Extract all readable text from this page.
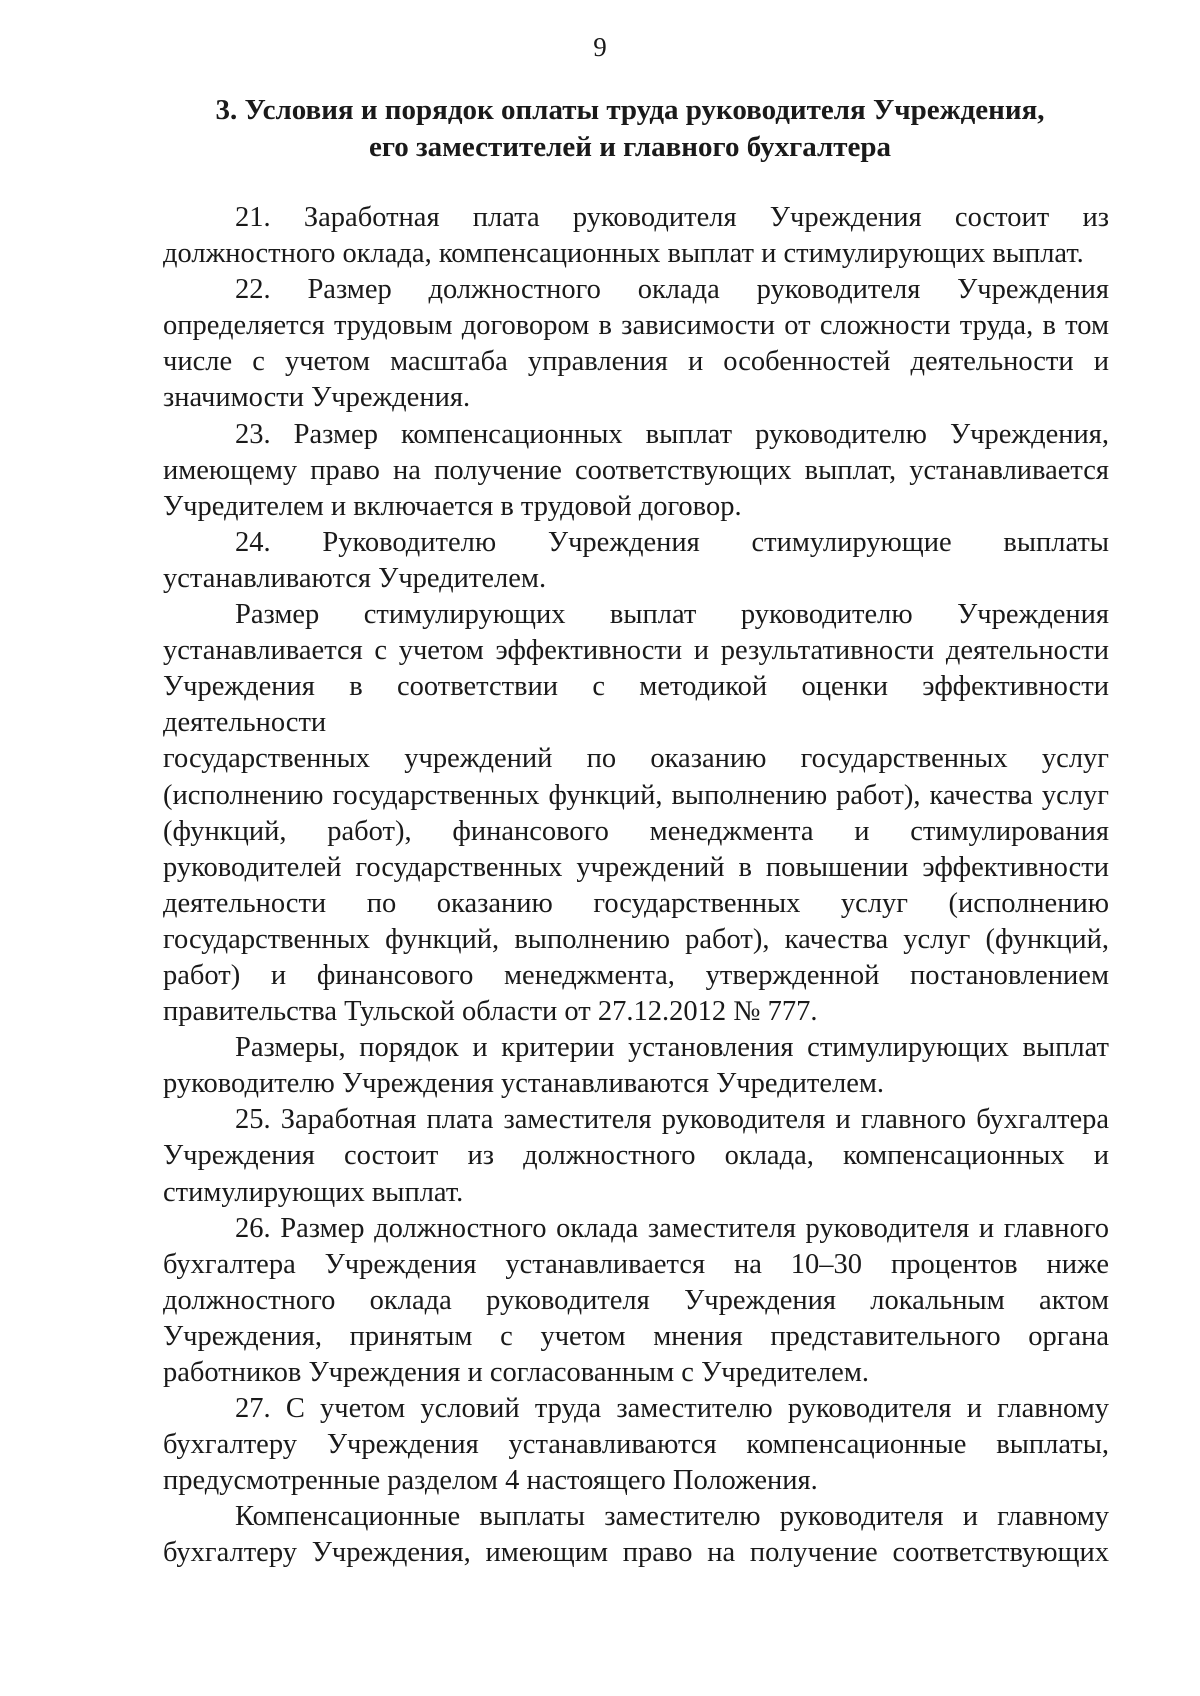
9
3. Условия и порядок оплаты труда руководителя Учреждения,
его заместителей и главного бухгалтера
21. Заработная плата руководителя Учреждения состоит из
должностного оклада, компенсационных выплат и стимулирующих выплат.
22. Размер должностного оклада руководителя Учреждения
определяется трудовым договором в зависимости от сложности труда, в том
числе с учетом масштаба управления и особенностей деятельности и
значимости Учреждения.
23. Размер компенсационных выплат руководителю Учреждения,
имеющему право на получение соответствующих выплат, устанавливается
Учредителем и включается в трудовой договор.
24. Руководителю Учреждения стимулирующие выплаты
устанавливаются Учредителем.
Размер стимулирующих выплат руководителю Учреждения
устанавливается с учетом эффективности и результативности деятельности
Учреждения в соответствии с методикой оценки эффективности деятельности
государственных учреждений по оказанию государственных услуг
(исполнению государственных функций, выполнению работ), качества услуг
(функций, работ), финансового менеджмента и стимулирования
руководителей государственных учреждений в повышении эффективности
деятельности по оказанию государственных услуг (исполнению
государственных функций, выполнению работ), качества услуг (функций,
работ) и финансового менеджмента, утвержденной постановлением
правительства Тульской области от 27.12.2012 № 777.
Размеры, порядок и критерии установления стимулирующих выплат
руководителю Учреждения устанавливаются Учредителем.
25. Заработная плата заместителя руководителя и главного бухгалтера
Учреждения состоит из должностного оклада, компенсационных и
стимулирующих выплат.
26. Размер должностного оклада заместителя руководителя и главного
бухгалтера Учреждения устанавливается на 10–30 процентов ниже
должностного оклада руководителя Учреждения локальным актом
Учреждения, принятым с учетом мнения представительного органа
работников Учреждения и согласованным с Учредителем.
27. С учетом условий труда заместителю руководителя и главному
бухгалтеру Учреждения устанавливаются компенсационные выплаты,
предусмотренные разделом 4 настоящего Положения.
Компенсационные выплаты заместителю руководителя и главному
бухгалтеру Учреждения, имеющим право на получение соответствующих
